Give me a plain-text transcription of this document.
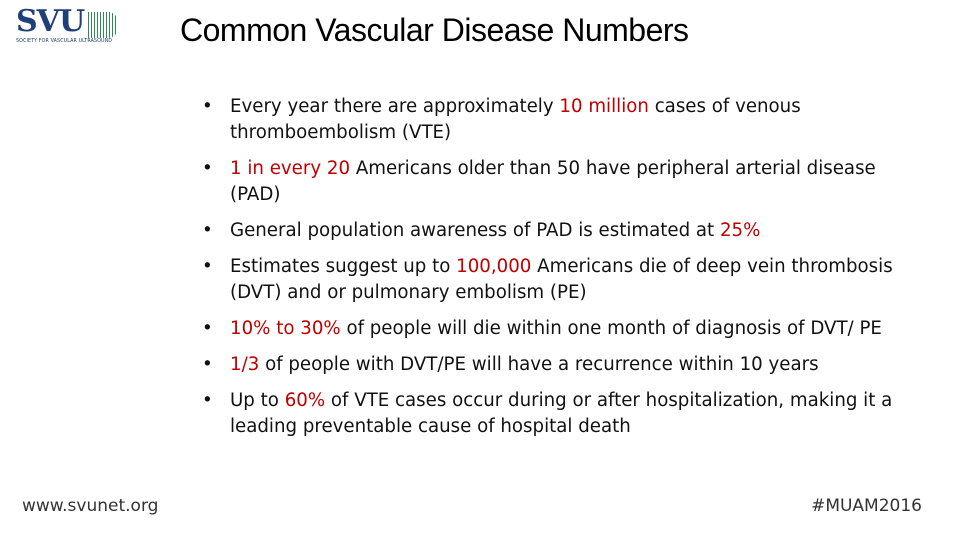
SVU
SOCIETY FOR VASCULAR ULTRASOUND Common Vascular Disease Numbers
• Every year there are approximately 10 million cases of venous thromboembolism (VTE)
• 1 in every 20 Americans older than 50 have peripheral arterial disease (PAD)
• General population awareness of PAD is estimated at 25%
• Estimates suggest up to 100,000 Americans die of deep vein thrombosis (DVT) and or pulmonary embolism (PE)
• 10% to 30% of people will die within one month of diagnosis of DVT/ PE
• 1/3 of people with DVT/PE will have a recurrence within 10 years
• Up to 60% of VTE cases occur during or after hospitalization, making it a leading preventable cause of hospital death
www.svunet.org	#MUAM2016
